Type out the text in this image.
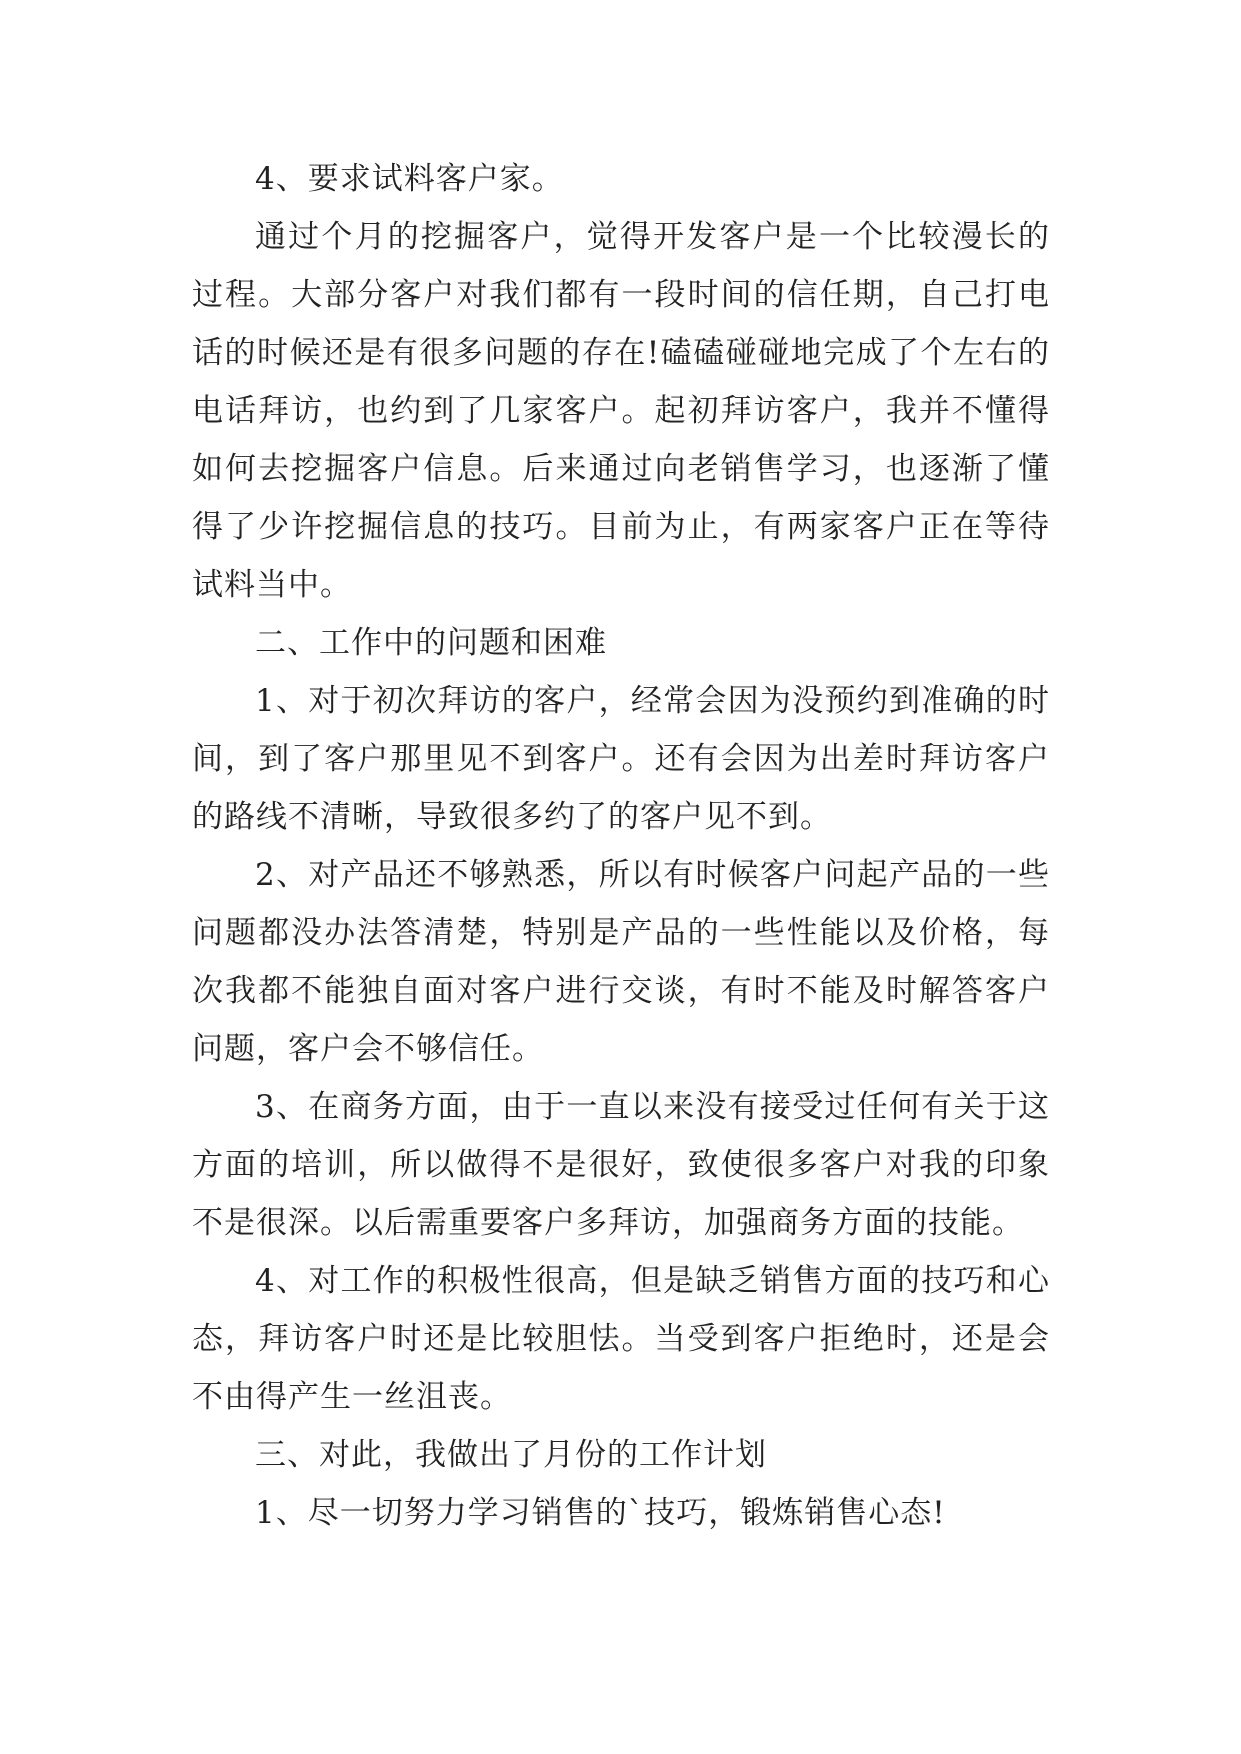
4、要求试料客户家。

通过个月的挖掘客户，觉得开发客户是一个比较漫长的过程。大部分客户对我们都有一段时间的信任期，自己打电话的时候还是有很多问题的存在!磕磕碰碰地完成了个左右的电话拜访，也约到了几家客户。起初拜访客户，我并不懂得如何去挖掘客户信息。后来通过向老销售学习，也逐渐了懂得了少许挖掘信息的技巧。目前为止，有两家客户正在等待试料当中。

二、工作中的问题和困难

1、对于初次拜访的客户，经常会因为没预约到准确的时间，到了客户那里见不到客户。还有会因为出差时拜访客户的路线不清晰，导致很多约了的客户见不到。

2、对产品还不够熟悉，所以有时候客户问起产品的一些问题都没办法答清楚，特别是产品的一些性能以及价格，每次我都不能独自面对客户进行交谈，有时不能及时解答客户问题，客户会不够信任。

3、在商务方面，由于一直以来没有接受过任何有关于这方面的培训，所以做得不是很好，致使很多客户对我的印象不是很深。以后需重要客户多拜访，加强商务方面的技能。

4、对工作的积极性很高，但是缺乏销售方面的技巧和心态，拜访客户时还是比较胆怯。当受到客户拒绝时，还是会不由得产生一丝沮丧。

三、对此，我做出了月份的工作计划

1、尽一切努力学习销售的`技巧，锻炼销售心态!
